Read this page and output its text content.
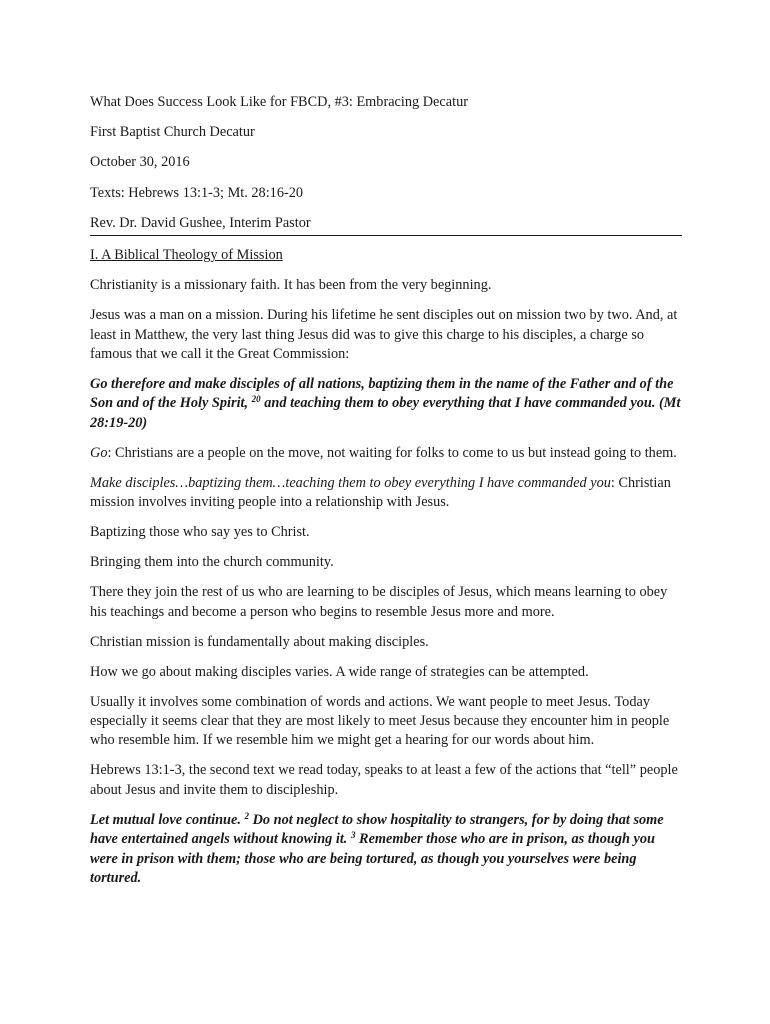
What Does Success Look Like for FBCD, #3: Embracing Decatur

First Baptist Church Decatur

October 30, 2016

Texts: Hebrews 13:1-3; Mt. 28:16-20

Rev. Dr. David Gushee, Interim Pastor

I. A Biblical Theology of Mission

Christianity is a missionary faith. It has been from the very beginning.

Jesus was a man on a mission. During his lifetime he sent disciples out on mission two by two. And, at least in Matthew, the very last thing Jesus did was to give this charge to his disciples, a charge so famous that we call it the Great Commission:

Go therefore and make disciples of all nations, baptizing them in the name of the Father and of the Son and of the Holy Spirit, $^{20}$ and teaching them to obey everything that I have commanded you. (Mt 28:19-20)

Go: Christians are a people on the move, not waiting for folks to come to us but instead going to them.

Make disciples…baptizing them…teaching them to obey everything I have commanded you: Christian mission involves inviting people into a relationship with Jesus.

Baptizing those who say yes to Christ.

Bringing them into the church community.

There they join the rest of us who are learning to be disciples of Jesus, which means learning to obey his teachings and become a person who begins to resemble Jesus more and more.

Christian mission is fundamentally about making disciples.

How we go about making disciples varies. A wide range of strategies can be attempted.

Usually it involves some combination of words and actions. We want people to meet Jesus. Today especially it seems clear that they are most likely to meet Jesus because they encounter him in people who resemble him. If we resemble him we might get a hearing for our words about him.

Hebrews 13:1-3, the second text we read today, speaks to at least a few of the actions that “tell” people about Jesus and invite them to discipleship.

Let mutual love continue. $^2$ Do not neglect to show hospitality to strangers, for by doing that some have entertained angels without knowing it. $^3$ Remember those who are in prison, as though you were in prison with them; those who are being tortured, as though you yourselves were being tortured.
